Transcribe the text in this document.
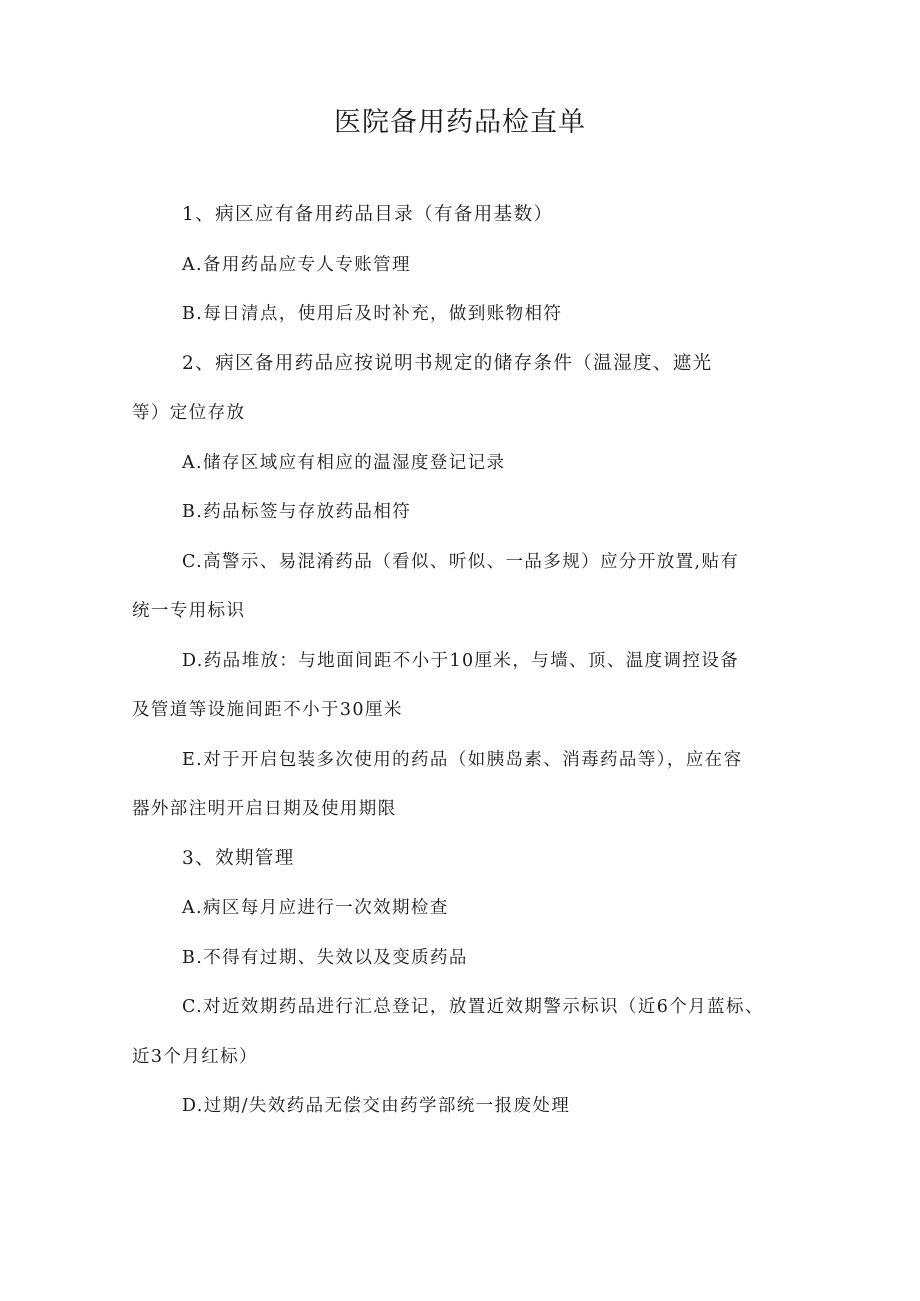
医院备用药品检直单

1、病区应有备用药品目录（有备用基数）

A.备用药品应专人专账管理

B.每日清点，使用后及时补充，做到账物相符

2、病区备用药品应按说明书规定的储存条件（温湿度、遮光

等）定位存放

A.储存区域应有相应的温湿度登记记录

B.药品标签与存放药品相符

C.高警示、易混淆药品（看似、听似、一品多规）应分开放置,贴有

统一专用标识

D.药品堆放：与地面间距不小于10厘米，与墙、顶、温度调控设备

及管道等设施间距不小于30厘米

E.对于开启包装多次使用的药品（如胰岛素、消毒药品等），应在容

器外部注明开启日期及使用期限

3、效期管理

A.病区每月应进行一次效期检查

B.不得有过期、失效以及变质药品

C.对近效期药品进行汇总登记，放置近效期警示标识（近6个月蓝标、

近3个月红标）

D.过期/失效药品无偿交由药学部统一报废处理
